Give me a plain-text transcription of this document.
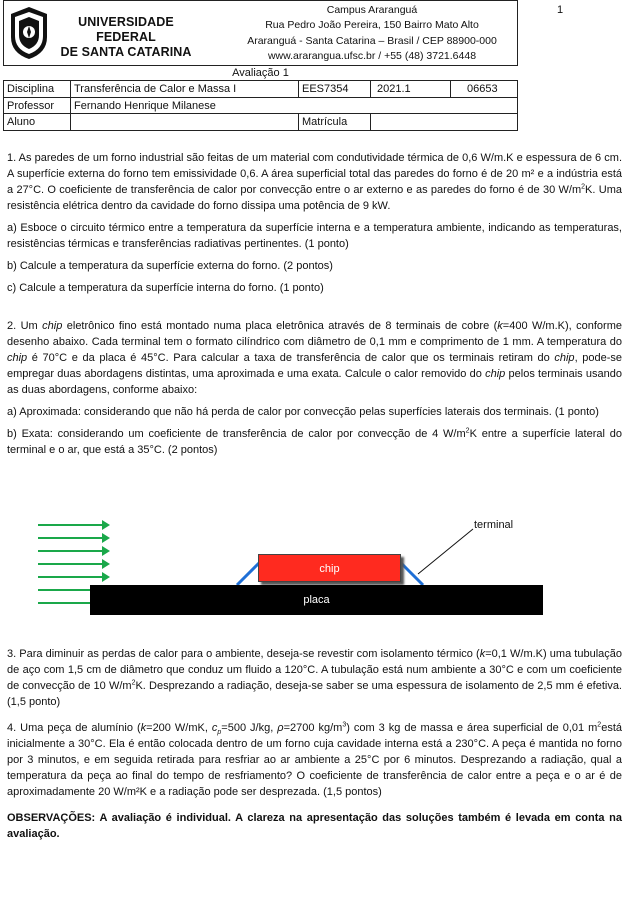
1
UNIVERSIDADE FEDERAL
DE SANTA CATARINA
Campus Araranguá
Rua Pedro João Pereira, 150 Bairro Mato Alto
Araranguá - Santa Catarina – Brasil / CEP 88900-000
www.ararangua.ufsc.br / +55 (48) 3721.6448
Avaliação 1
Disciplina	Transferência de Calor e Massa I	EES7354	2021.1	06653
Professor	Fernando Henrique Milanese			
Aluno		Matrícula		

1. As paredes de um forno industrial são feitas de um material com condutividade térmica de 0,6 W/m.K e espessura de 6 cm. A superfície externa do forno tem emissividade 0,6. A área superficial total das paredes do forno é de 20 m² e a indústria está a 27°C. O coeficiente de transferência de calor por convecção entre o ar externo e as paredes do forno é de 30 $W/m^2K$. Uma resistência elétrica dentro da cavidade do forno dissipa uma potência de 9 kW.

a) Esboce o circuito térmico entre a temperatura da superfície interna e a temperatura ambiente, indicando as temperaturas, resistências térmicas e transferências radiativas pertinentes. (1 ponto)

b) Calcule a temperatura da superfície externa do forno. (2 pontos)

c) Calcule a temperatura da superfície interna do forno. (1 ponto)

2. Um chip eletrônico fino está montado numa placa eletrônica através de 8 terminais de cobre (k=400 W/m.K), conforme desenho abaixo. Cada terminal tem o formato cilíndrico com diâmetro de 0,1 mm e comprimento de 1 mm. A temperatura do chip é 70°C e da placa é 45°C. Para calcular a taxa de transferência de calor que os terminais retiram do chip, pode-se empregar duas abordagens distintas, uma aproximada e uma exata. Calcule o calor removido do chip pelos terminais usando as duas abordagens, conforme abaixo:

a) Aproximada: considerando que não há perda de calor por convecção pelas superfícies laterais dos terminais. (1 ponto)

b) Exata: considerando um coeficiente de transferência de calor por convecção de 4 $W/m^2K$ entre a superfície lateral do terminal e o ar, que está a 35°C. (2 pontos)

3. Para diminuir as perdas de calor para o ambiente, deseja-se revestir com isolamento térmico (k=0,1 W/m.K) uma tubulação de aço com 1,5 cm de diâmetro que conduz um fluido a 120°C. A tubulação está num ambiente a 30°C e com um coeficiente de convecção de 10 $W/m^2K$. Desprezando a radiação, deseja-se saber se uma espessura de isolamento de 2,5 mm é efetiva. (1,5 ponto)

4. Uma peça de alumínio (k=200 W/mK, $c_p=500$ J/kg, ρ=2700 $kg/m^3$) com 3 kg de massa e área superficial de 0,01 $m^2está$ inicialmente a 30°C. Ela é então colocada dentro de um forno cuja cavidade interna está a 230°C. A peça é mantida no forno por 3 minutos, e em seguida retirada para resfriar ao ar ambiente a 25°C por 6 minutos. Desprezando a radiação, qual a temperatura da peça ao final do tempo de resfriamento? O coeficiente de transferência de calor entre a peça e o ar é de aproximadamente 20 W/m²K e a radiação pode ser desprezada. (1,5 pontos)

OBSERVAÇÕES: A avaliação é individual. A clareza na apresentação das soluções também é levada em conta na avaliação.

chip
placa
terminal
